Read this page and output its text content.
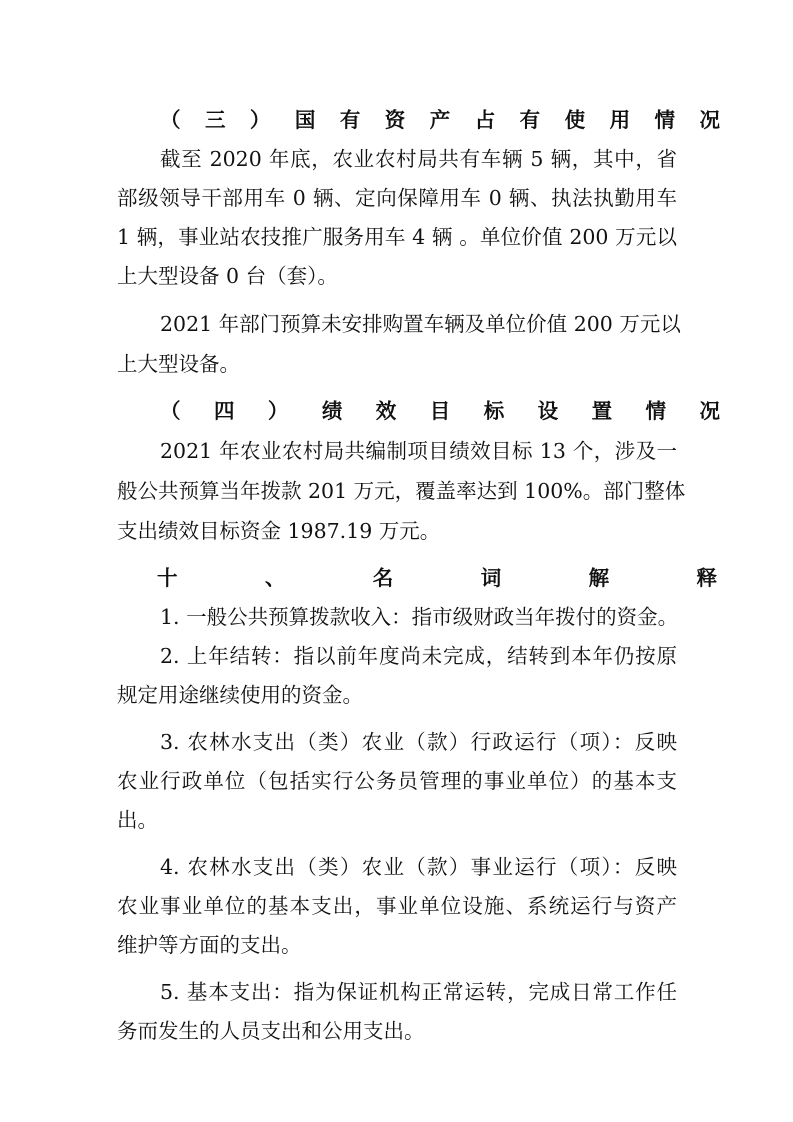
（三）国有资产占有使用情况
截至 2020 年底，农业农村局共有车辆 5 辆，其中，省
部级领导干部用车 0 辆、定向保障用车 0 辆、执法执勤用车
1 辆，事业站农技推广服务用车 4 辆 。单位价值 200 万元以
上大型设备 0 台（套）。
2021 年部门预算未安排购置车辆及单位价值 200 万元以
上大型设备。
（四）绩效目标设置情况
2021 年农业农村局共编制项目绩效目标 13 个，涉及一
般公共预算当年拨款 201 万元，覆盖率达到 100%。部门整体
支出绩效目标资金 1987.19 万元。
十、名词解释
1. 一般公共预算拨款收入：指市级财政当年拨付的资金。
2. 上年结转：指以前年度尚未完成，结转到本年仍按原
规定用途继续使用的资金。
3. 农林水支出（类）农业（款）行政运行（项）：反映
农业行政单位（包括实行公务员管理的事业单位）的基本支
出。
4. 农林水支出（类）农业（款）事业运行（项）：反映
农业事业单位的基本支出，事业单位设施、系统运行与资产
维护等方面的支出。
5. 基本支出：指为保证机构正常运转，完成日常工作任
务而发生的人员支出和公用支出。
